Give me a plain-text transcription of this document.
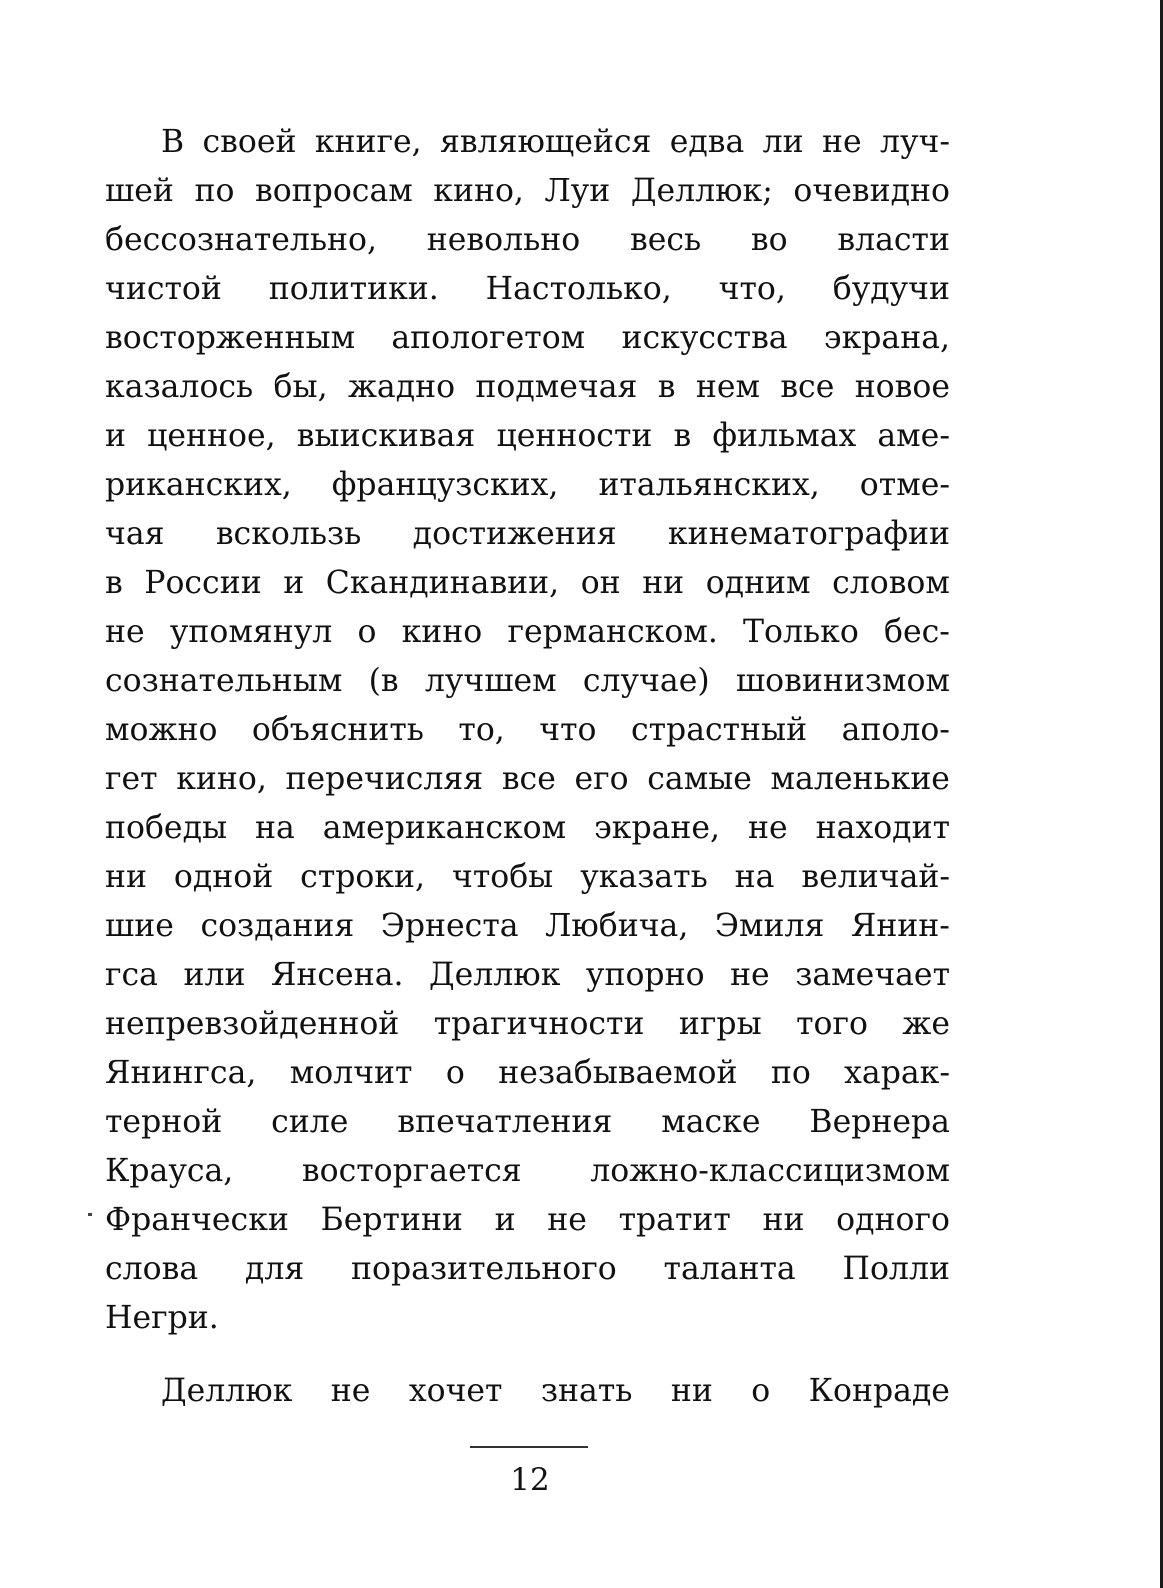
В своей книге, являющейся едва ли не луч-
шей по вопросам кино, Луи Деллюк; очевидно
бессознательно, невольно весь во власти
чистой политики. Настолько, что, будучи
восторженным апологетом искусства экрана,
казалось бы, жадно подмечая в нем все новое
и ценное, выискивая ценности в фильмах аме-
риканских, французских, итальянских, отме-
чая вскользь достижения кинематографии
в России и Скандинавии, он ни одним словом
не упомянул о кино германском. Только бес-
сознательным (в лучшем случае) шовинизмом
можно объяснить то, что страстный аполо-
гет кино, перечисляя все его самые маленькие
победы на американском экране, не находит
ни одной строки, чтобы указать на величай-
шие создания Эрнеста Любича, Эмиля Янин-
гса или Янсена. Деллюк упорно не замечает
непревзойденной трагичности игры того же
Янингса, молчит о незабываемой по харак-
терной силе впечатления маске Вернера
Крауса, восторгается ложно-классицизмом
Франчески Бертини и не тратит ни одного
слова для поразительного таланта Полли
Негри.
Деллюк не хочет знать ни о Конраде
12
